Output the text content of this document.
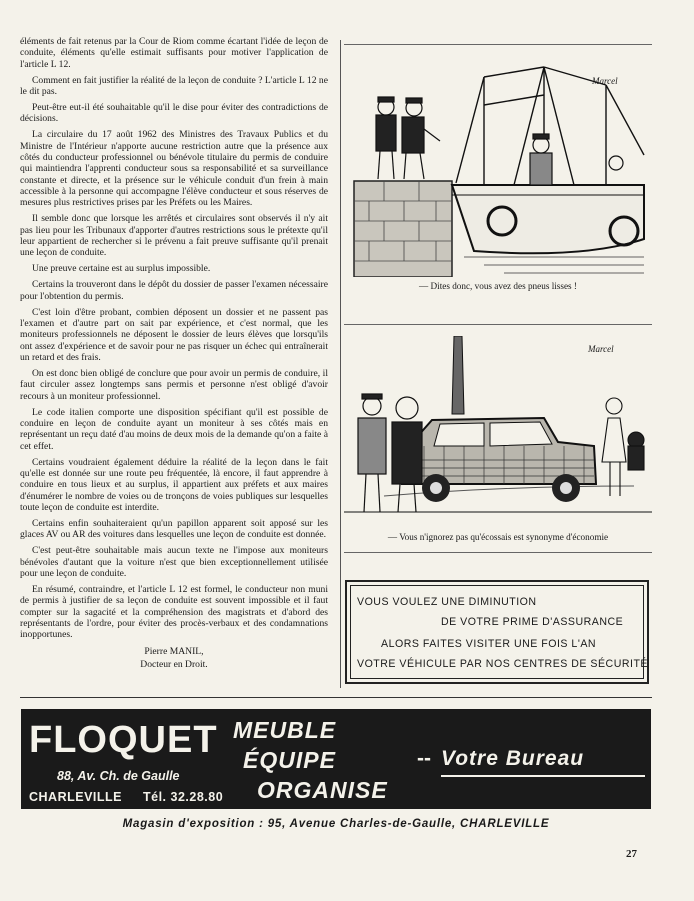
éléments de fait retenus par la Cour de Riom comme écartant l'idée de leçon de conduite, éléments qu'elle estimait suffisants pour motiver l'application de l'article L 12.

Comment en fait justifier la réalité de la leçon de conduite ? L'article L 12 ne le dit pas.

Peut-être eut-il été souhaitable qu'il le dise pour éviter des contradictions de décisions.

La circulaire du 17 août 1962 des Ministres des Travaux Publics et du Ministre de l'Intérieur n'apporte aucune restriction autre que la présence aux côtés du conducteur professionnel ou bénévole titulaire du permis de conduire qui maintiendra l'apprenti conducteur sous sa responsabilité et sa surveillance constante et directe, et la présence sur le véhicule conduit d'un frein à main accessible à la personne qui accompagne l'élève conducteur et sous réserves de mesures plus restrictives prises par les Préfets ou les Maires.

Il semble donc que lorsque les arrêtés et circulaires sont observés il n'y ait pas lieu pour les Tribunaux d'apporter d'autres restrictions sous le prétexte qu'il leur appartient de rechercher si le prévenu a fait preuve suffisante qu'il prenait une leçon de conduite.

Une preuve certaine est au surplus impossible.

Certains la trouveront dans le dépôt du dossier de passer l'examen nécessaire pour l'obtention du permis.

C'est loin d'être probant, combien déposent un dossier et ne passent pas l'examen et d'autre part on sait par expérience, et c'est normal, que les moniteurs professionnels ne déposent le dossier de leurs élèves que lorsqu'ils ont assez d'expérience et de savoir pour ne pas risquer un échec qui entraînerait un retard et des frais.

On est donc bien obligé de conclure que pour avoir un permis de conduire, il faut circuler assez longtemps sans permis et personne n'est obligé d'avoir recours à un moniteur professionnel.

Le code italien comporte une disposition spécifiant qu'il est possible de conduire en leçon de conduite ayant un moniteur à ses côtés mais en représentant un reçu daté d'au moins de deux mois de la demande qu'on a faite à cet effet.

Certains voudraient également déduire la réalité de la leçon dans le fait qu'elle est donnée sur une route peu fréquentée, là encore, il faut apprendre à conduire en tous lieux et au surplus, il appartient aux préfets et aux maires d'énumérer le nombre de voies ou de tronçons de voies publiques sur lesquelles toute leçon de conduite est interdite.

Certains enfin souhaiteraient qu'un papillon apparent soit apposé sur les glaces AV ou AR des voitures dans lesquelles une leçon de conduite est donnée.

C'est peut-être souhaitable mais aucun texte ne l'impose aux moniteurs bénévoles d'autant que la voiture n'est que bien exceptionnellement utilisée pour une leçon de conduite.

En résumé, contraindre, et l'article L 12 est formel, le conducteur non muni de permis à justifier de sa leçon de conduite est souvent impossible et il faut compter sur la sagacité et la compréhension des magistrats et d'abord des représentants de l'ordre, pour éviter des procès-verbaux et des condamnations inopportunes.

Pierre MANIL,
Docteur en Droit.
Marcel
— Dites donc, vous avez des pneus lisses !
Marcel
— Vous n'ignorez pas qu'écossais est synonyme d'économie
VOUS VOULEZ UNE DIMINUTION
DE VOTRE PRIME D'ASSURANCE
ALORS FAITES VISITER UNE FOIS L'AN
VOTRE VÉHICULE PAR NOS CENTRES DE SÉCURITÉ
FLOQUET MEUBLE
ÉQUIPE
ORGANISE
-- Votre Bureau
88, Av. Ch. de Gaulle
CHARLEVILLE Tél. 32.28.80
Magasin d'exposition : 95, Avenue Charles-de-Gaulle, CHARLEVILLE
27
